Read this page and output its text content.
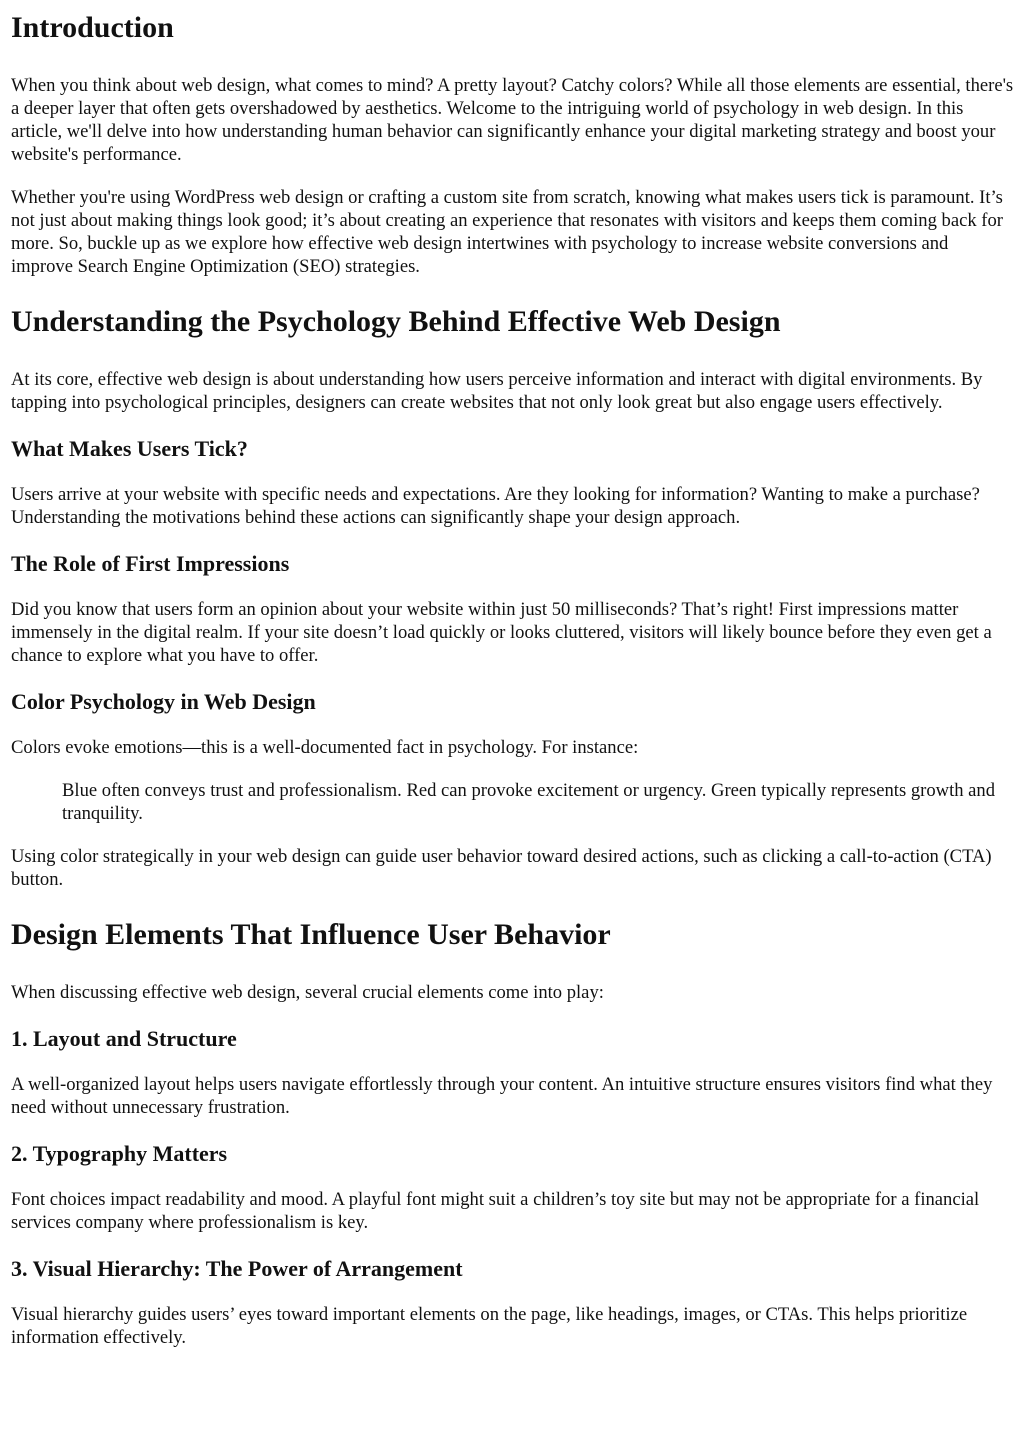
Introduction

When you think about web design, what comes to mind? A pretty layout? Catchy colors? While all those elements are essential, there's a deeper layer that often gets overshadowed by aesthetics. Welcome to the intriguing world of psychology in web design. In this article, we'll delve into how understanding human behavior can significantly enhance your digital marketing strategy and boost your website's performance.

Whether you're using WordPress web design or crafting a custom site from scratch, knowing what makes users tick is paramount. It’s not just about making things look good; it’s about creating an experience that resonates with visitors and keeps them coming back for more. So, buckle up as we explore how effective web design intertwines with psychology to increase website conversions and improve Search Engine Optimization (SEO) strategies.

Understanding the Psychology Behind Effective Web Design

At its core, effective web design is about understanding how users perceive information and interact with digital environments. By tapping into psychological principles, designers can create websites that not only look great but also engage users effectively.

What Makes Users Tick?

Users arrive at your website with specific needs and expectations. Are they looking for information? Wanting to make a purchase? Understanding the motivations behind these actions can significantly shape your design approach.

The Role of First Impressions

Did you know that users form an opinion about your website within just 50 milliseconds? That’s right! First impressions matter immensely in the digital realm. If your site doesn’t load quickly or looks cluttered, visitors will likely bounce before they even get a chance to explore what you have to offer.

Color Psychology in Web Design

Colors evoke emotions—this is a well-documented fact in psychology. For instance:

Blue often conveys trust and professionalism. Red can provoke excitement or urgency. Green typically represents growth and tranquility.

Using color strategically in your web design can guide user behavior toward desired actions, such as clicking a call-to-action (CTA) button.

Design Elements That Influence User Behavior

When discussing effective web design, several crucial elements come into play:

1. Layout and Structure

A well-organized layout helps users navigate effortlessly through your content. An intuitive structure ensures visitors find what they need without unnecessary frustration.

2. Typography Matters

Font choices impact readability and mood. A playful font might suit a children’s toy site but may not be appropriate for a financial services company where professionalism is key.

3. Visual Hierarchy: The Power of Arrangement

Visual hierarchy guides users’ eyes toward important elements on the page, like headings, images, or CTAs. This helps prioritize information effectively.
